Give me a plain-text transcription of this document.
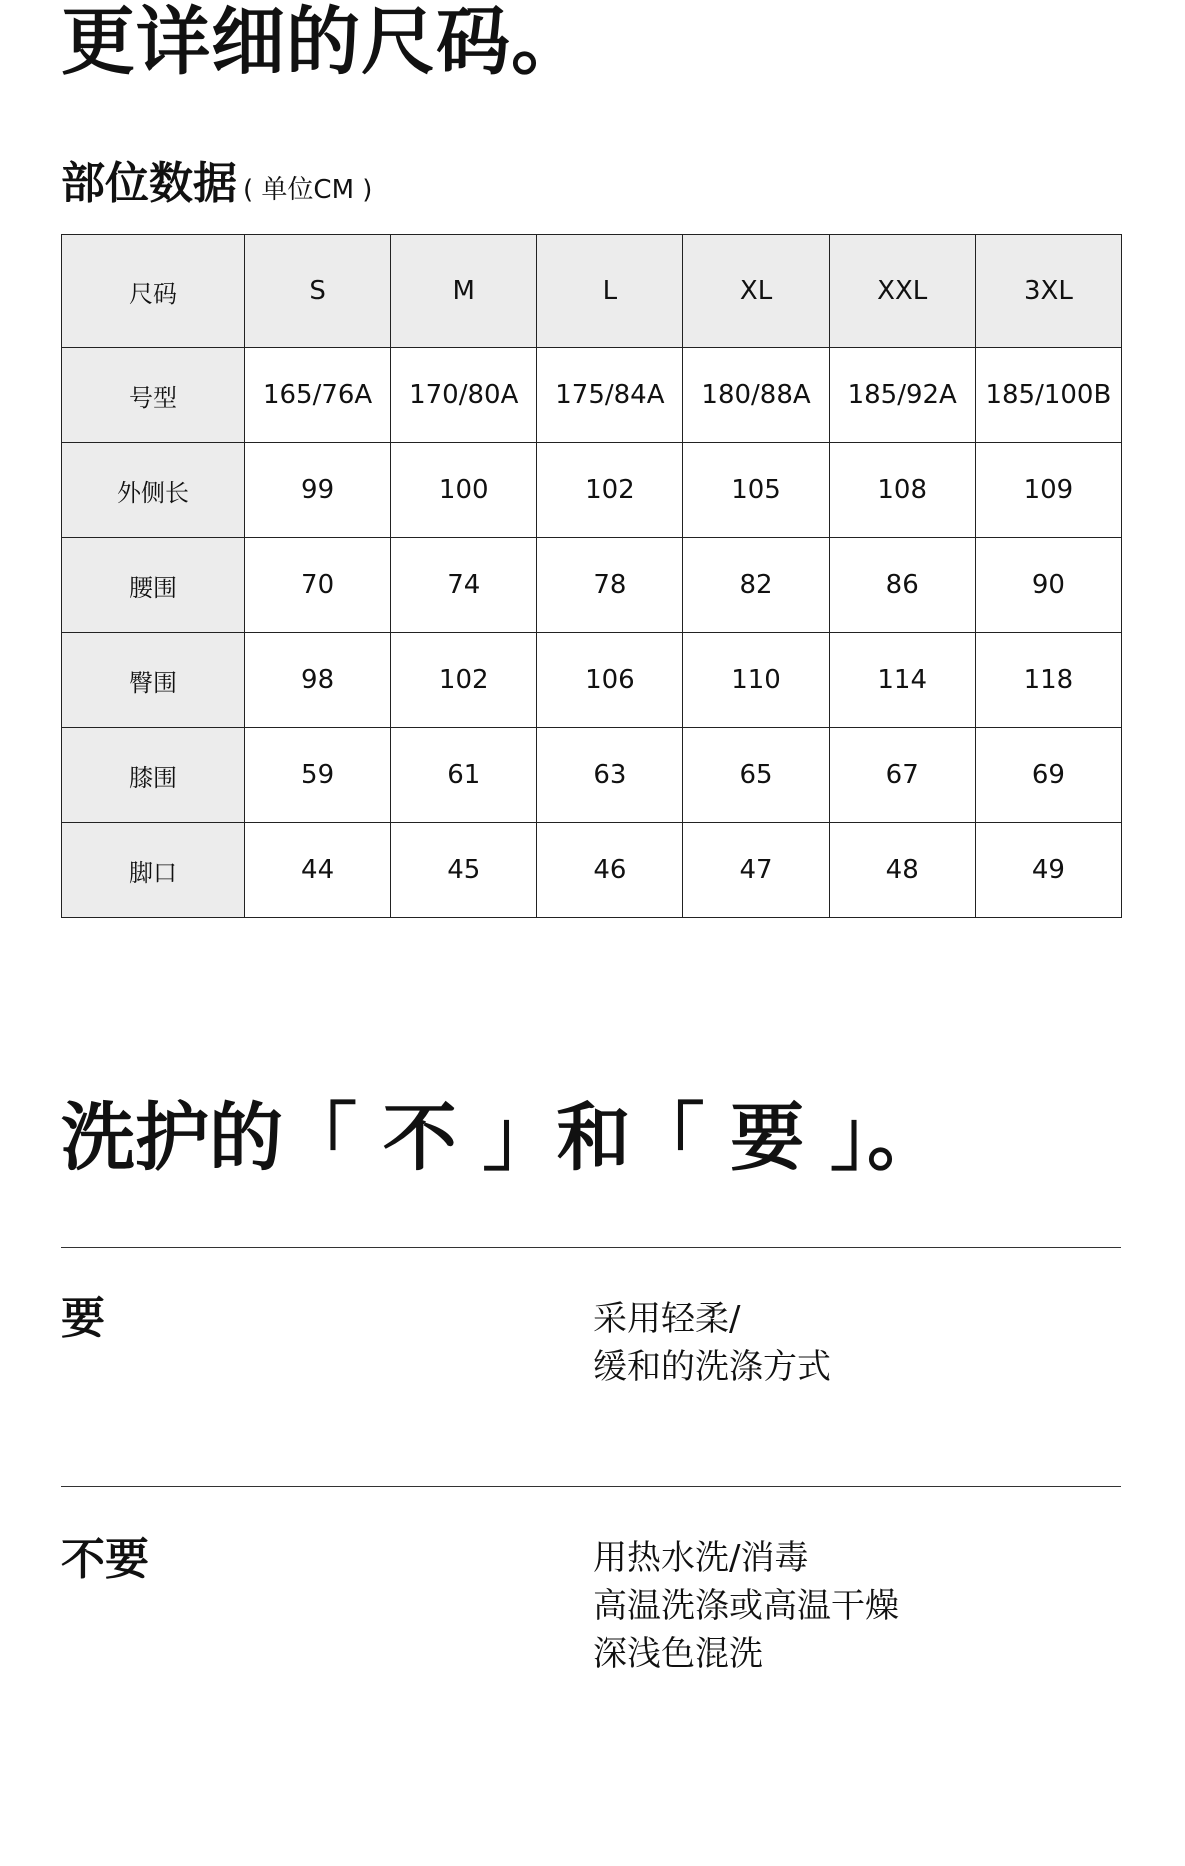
更详细的尺码。
部位数据 ( 单位CM )
尺码	S	M	L	XL	XXL	3XL
号型	165/76A	170/80A	175/84A	180/88A	185/92A	185/100B
外侧长	99	100	102	105	108	109
腰围	70	74	78	82	86	90
臀围	98	102	106	110	114	118
膝围	59	61	63	65	67	69
脚口	44	45	46	47	48	49
洗护的「 不 」和「 要 」。
要	采用轻柔/
缓和的洗涤方式
不要	用热水洗/消毒
高温洗涤或高温干燥
深浅色混洗
